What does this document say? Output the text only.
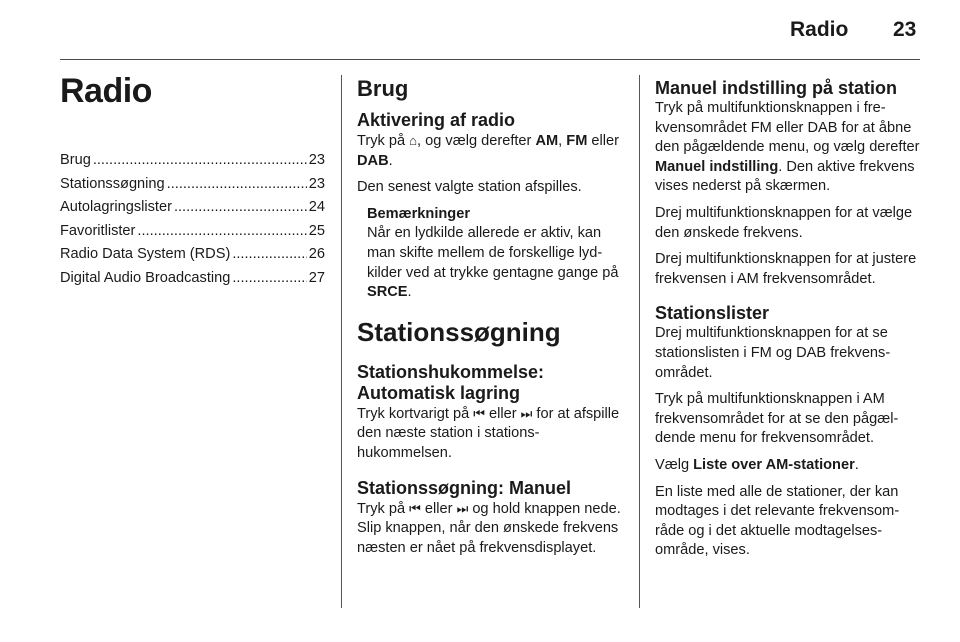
Radio 23
Radio
Brug .....	23
Stationssøgning .....	23
Autolagringslister .....	24
Favoritlister .....	25
Radio Data System (RDS) .....	26
Digital Audio Broadcasting .....	27
Brug
Aktivering af radio

Tryk på ⌂, og vælg derefter AM, FM eller DAB.

Den senest valgte station afspilles.

Bemærkninger

Når en lydkilde allerede er aktiv, kan man skifte mellem de forskellige lydkilder ved at trykke gentagne gange på SRCE.

Stationssøgning
Stationshukommelse:
Automatisk lagring

Tryk kortvarigt på ⏮ eller ⏭ for at afspille den næste station i stationshukommelsen.

Stationssøgning: Manuel

Tryk på ⏮ eller ⏭ og hold knappen nede. Slip knappen, når den ønskede frekvens næsten er nået på frekvensdisplayet.

Manuel indstilling på station

Tryk på multifunktionsknappen i frekvensområdet FM eller DAB for at åbne den pågældende menu, og vælg derefter Manuel indstilling. Den aktive frekvens vises nederst på skærmen.

Drej multifunktionsknappen for at vælge den ønskede frekvens.

Drej multifunktionsknappen for at justere frekvensen i AM frekvensområdet.

Stationslister

Drej multifunktionsknappen for at se stationslisten i FM og DAB frekvensområdet.

Tryk på multifunktionsknappen i AM frekvensområdet for at se den pågældende menu for frekvensområdet.

Vælg Liste over AM-stationer.

En liste med alle de stationer, der kan modtages i det relevante frekvensområde og i det aktuelle modtagelsesområde, vises.
